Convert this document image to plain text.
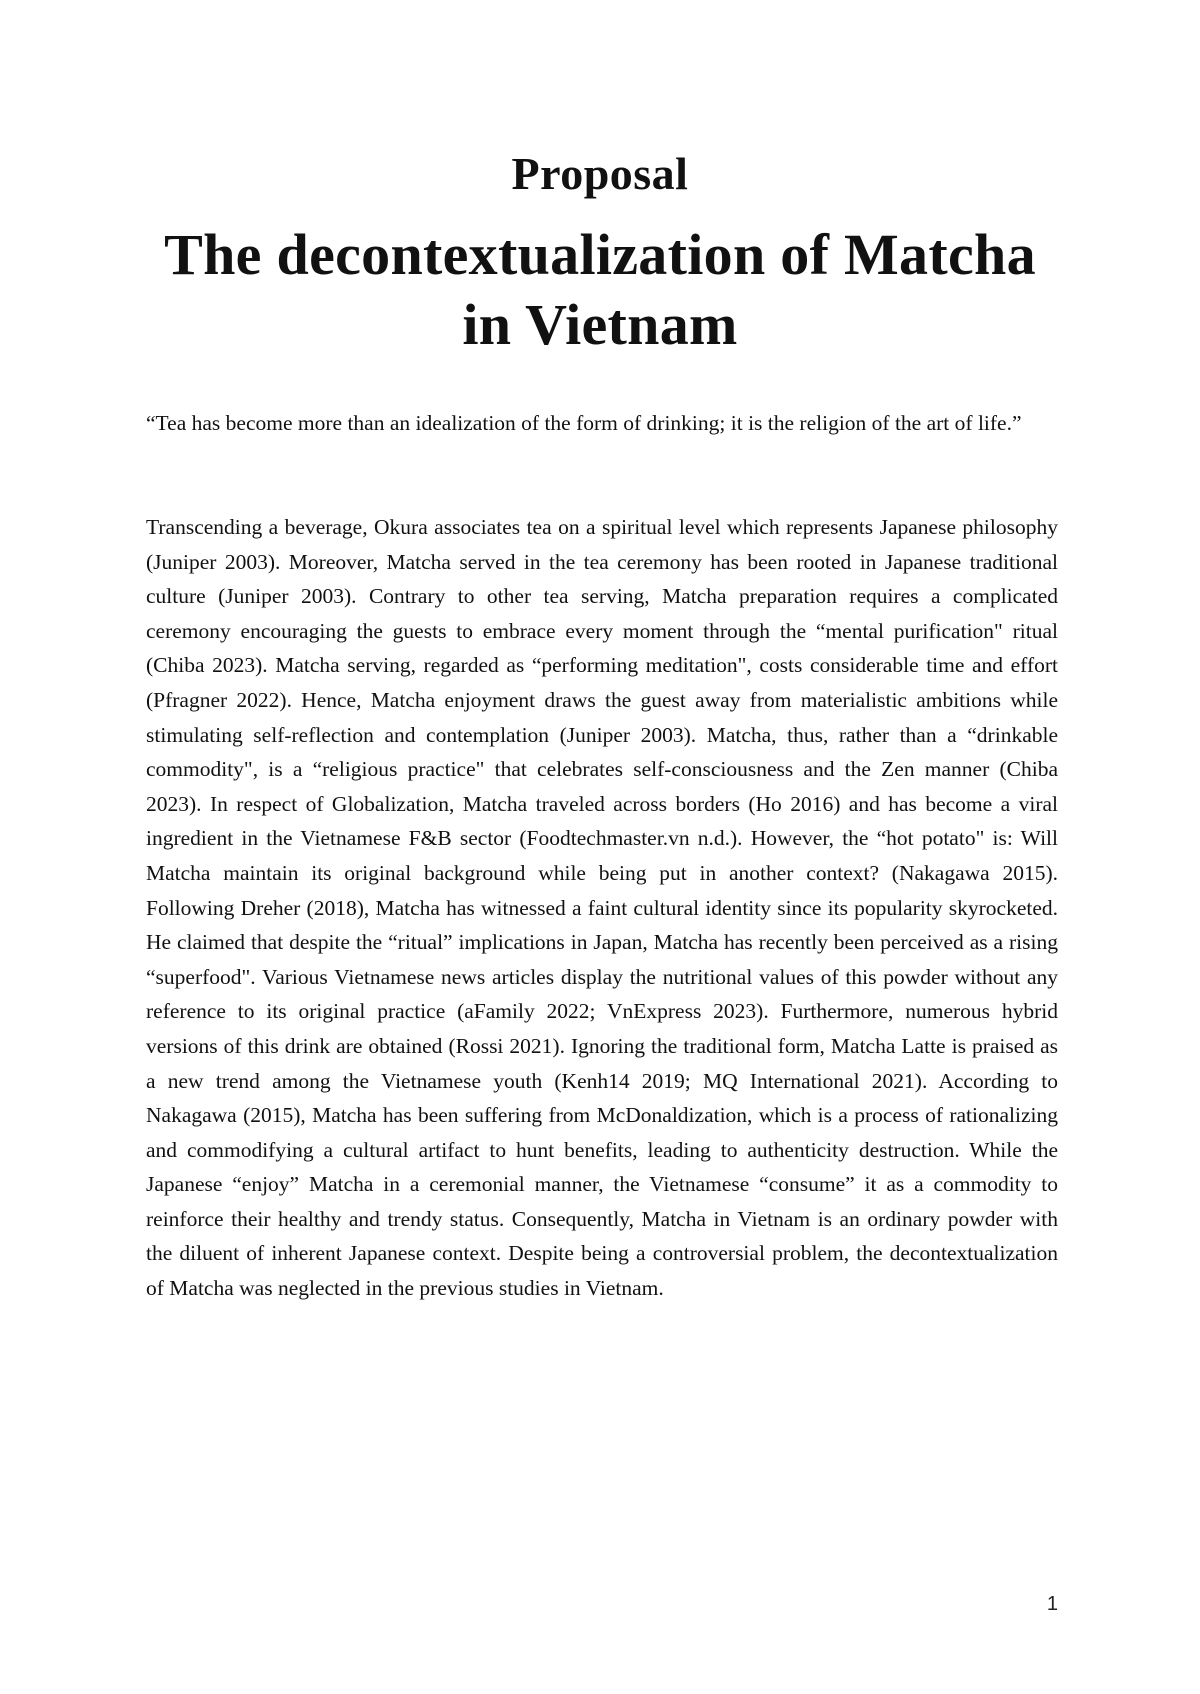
Proposal
The decontextualization of Matcha
in Vietnam

“Tea has become more than an idealization of the form of drinking; it is the religion of the art of life.”

Transcending a beverage, Okura associates tea on a spiritual level which represents Japanese philosophy (Juniper 2003). Moreover, Matcha served in the tea ceremony has been rooted in Japanese traditional culture (Juniper 2003). Contrary to other tea serving, Matcha preparation requires a complicated ceremony encouraging the guests to embrace every moment through the “mental purification" ritual (Chiba 2023). Matcha serving, regarded as “performing meditation", costs considerable time and effort (Pfragner 2022). Hence, Matcha enjoyment draws the guest away from materialistic ambitions while stimulating self-reflection and contemplation (Juniper 2003). Matcha, thus, rather than a “drinkable commodity", is a “religious practice" that celebrates self-consciousness and the Zen manner (Chiba 2023). In respect of Globalization, Matcha traveled across borders (Ho 2016) and has become a viral ingredient in the Vietnamese F&B sector (Foodtechmaster.vn n.d.). However, the “hot potato" is: Will Matcha maintain its original background while being put in another context? (Nakagawa 2015). Following Dreher (2018), Matcha has witnessed a faint cultural identity since its popularity skyrocketed. He claimed that despite the “ritual” implications in Japan, Matcha has recently been perceived as a rising “superfood". Various Vietnamese news articles display the nutritional values of this powder without any reference to its original practice (aFamily 2022; VnExpress 2023). Furthermore, numerous hybrid versions of this drink are obtained (Rossi 2021). Ignoring the traditional form, Matcha Latte is praised as a new trend among the Vietnamese youth (Kenh14 2019; MQ International 2021). According to Nakagawa (2015), Matcha has been suffering from McDonaldization, which is a process of rationalizing and commodifying a cultural artifact to hunt benefits, leading to authenticity destruction. While the Japanese “enjoy” Matcha in a ceremonial manner, the Vietnamese “consume” it as a commodity to reinforce their healthy and trendy status. Consequently, Matcha in Vietnam is an ordinary powder with the diluent of inherent Japanese context. Despite being a controversial problem, the decontextualization of Matcha was neglected in the previous studies in Vietnam.

1
